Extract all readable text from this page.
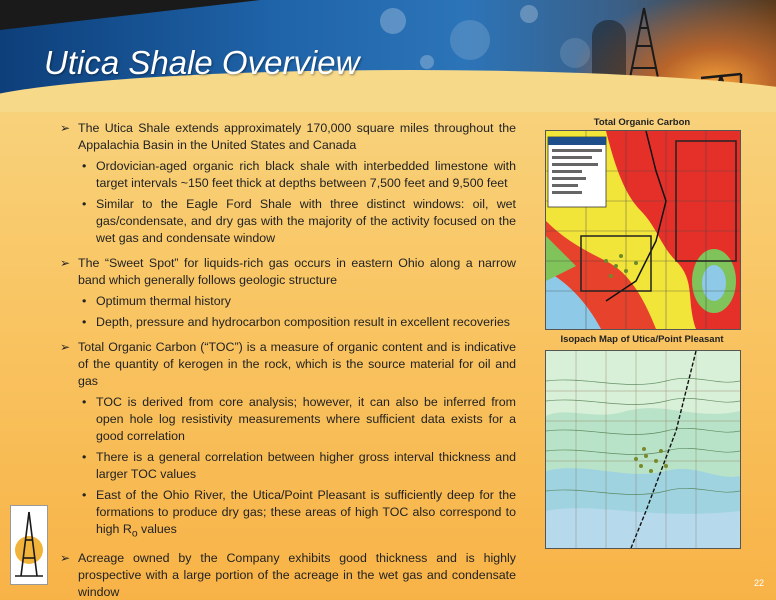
Utica Shale Overview
➢ The Utica Shale extends approximately 170,000 square miles throughout the Appalachia Basin in the United States and Canada
• Ordovician-aged organic rich black shale with interbedded limestone with target intervals ~150 feet thick at depths between 7,500 feet and 9,500 feet
• Similar to the Eagle Ford Shale with three distinct windows: oil, wet gas/condensate, and dry gas with the majority of the activity focused on the wet gas and condensate window
➢ The “Sweet Spot” for liquids-rich gas occurs in eastern Ohio along a narrow band which generally follows geologic structure
• Optimum thermal history
• Depth, pressure and hydrocarbon composition result in excellent recoveries
➢ Total Organic Carbon (“TOC”) is a measure of organic content and is indicative of the quantity of kerogen in the rock, which is the source material for oil and gas
• TOC is derived from core analysis; however, it can also be inferred from open hole log resistivity measurements where sufficient data exists for a good correlation
• There is a general correlation between higher gross interval thickness and larger TOC values
• East of the Ohio River, the Utica/Point Pleasant is sufficiently deep for the formations to produce dry gas; these areas of high TOC also correspond to high $R_o$ values
➢ Acreage owned by the Company exhibits good thickness and is highly prospective with a large portion of the acreage in the wet gas and condensate window
Total Organic Carbon
Isopach Map of Utica/Point Pleasant
22
